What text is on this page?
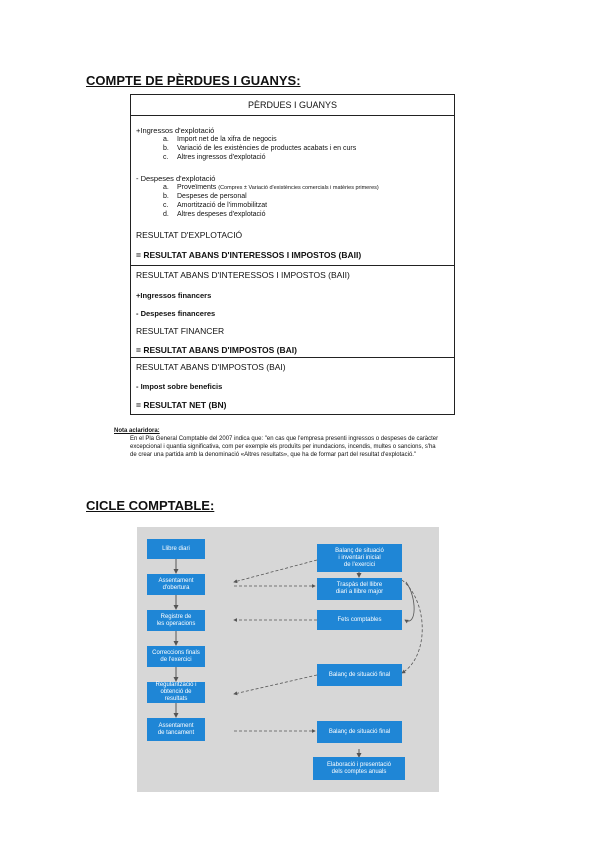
COMPTE DE PÈRDUES I GUANYS:
PÈRDUES I GUANYS
+Ingressos d'explotació
a. Import net de la xifra de negocis
b. Variació de les existències de productes acabats i en curs
c. Altres ingressos d'explotació
- Despeses d'explotació
a. Proveïments (Compres ± Variació d'existències comercials i matèries primeres)
b. Despeses de personal
c. Amortització de l'immobilitzat
d. Altres despeses d'explotació
RESULTAT D'EXPLOTACIÓ
= RESULTAT ABANS D'INTERESSOS I IMPOSTOS (BAII)
RESULTAT ABANS D'INTERESSOS I IMPOSTOS (BAII)
+Ingressos financers
- Despeses financeres
RESULTAT FINANCER
= RESULTAT ABANS D'IMPOSTOS (BAI)
RESULTAT ABANS D'IMPOSTOS (BAI)
- Impost sobre beneficis
= RESULTAT NET (BN)
Nota aclaridora:
En el Pla General Comptable del 2007 indica que: "en cas que l'empresa presenti ingressos o despeses de caràcter
excepcional i quantia significativa, com per exemple els produïts per inundacions, incendis, multes o sancions, s'ha
de crear una partida amb la denominació «Altres resultats», que ha de formar part del resultat d'explotació."
CICLE COMPTABLE:
Llibre diari
Assentament
d'obertura
Registre de
les operacions
Correccions finals
de l'exercici
Regularització i
obtenció de resultats
Assentament
de tancament
Balanç de situació
i inventari inicial
de l'exercici
Traspàs del llibre
diari a llibre major
Fets comptables
Balanç de situació final
Balanç de situació final
Elaboració i presentació
dels comptes anuals
